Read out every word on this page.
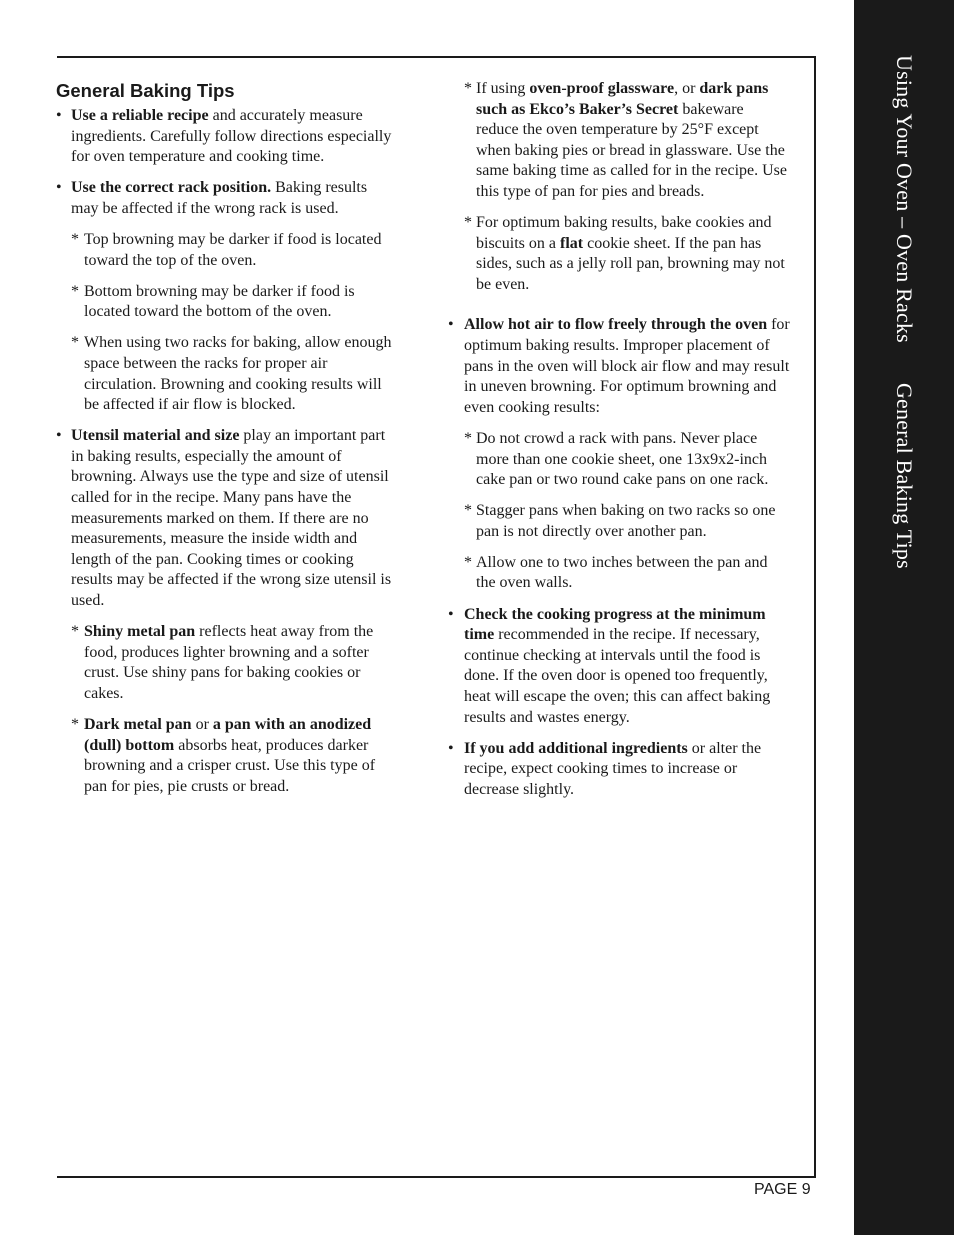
Using Your Oven – Oven RacksGeneral Baking Tips
General Baking Tips
• Use a reliable recipe and accurately measure ingredients. Carefully follow directions especially for oven temperature and cooking time.
• Use the correct rack position. Baking results may be affected if the wrong rack is used.
* Top browning may be darker if food is located toward the top of the oven.
* Bottom browning may be darker if food is located toward the bottom of the oven.
* When using two racks for baking, allow enough space between the racks for proper air circulation. Browning and cooking results will be affected if air flow is blocked.
• Utensil material and size play an important part in baking results, especially the amount of browning. Always use the type and size of utensil called for in the recipe. Many pans have the measurements marked on them. If there are no measurements, measure the inside width and length of the pan. Cooking times or cooking results may be affected if the wrong size utensil is used.
* Shiny metal pan reflects heat away from the food, produces lighter browning and a softer crust. Use shiny pans for baking cookies or cakes.
* Dark metal pan or a pan with an anodized (dull) bottom absorbs heat, produces darker browning and a crisper crust. Use this type of pan for pies, pie crusts or bread.
* If using oven-proof glassware, or dark pans such as Ekco’s Baker’s Secret bakeware reduce the oven temperature by 25°F except when baking pies or bread in glassware. Use the same baking time as called for in the recipe. Use this type of pan for pies and breads.
* For optimum baking results, bake cookies and biscuits on a flat cookie sheet. If the pan has sides, such as a jelly roll pan, browning may not be even.
• Allow hot air to flow freely through the oven for optimum baking results. Improper placement of pans in the oven will block air flow and may result in uneven browning. For optimum browning and even cooking results:
* Do not crowd a rack with pans. Never place more than one cookie sheet, one 13x9x2-inch cake pan or two round cake pans on one rack.
* Stagger pans when baking on two racks so one pan is not directly over another pan.
* Allow one to two inches between the pan and the oven walls.
• Check the cooking progress at the minimum time recommended in the recipe. If necessary, continue checking at intervals until the food is done. If the oven door is opened too frequently, heat will escape the oven; this can affect baking results and wastes energy.
• If you add additional ingredients or alter the recipe, expect cooking times to increase or decrease slightly.
PAGE 9
